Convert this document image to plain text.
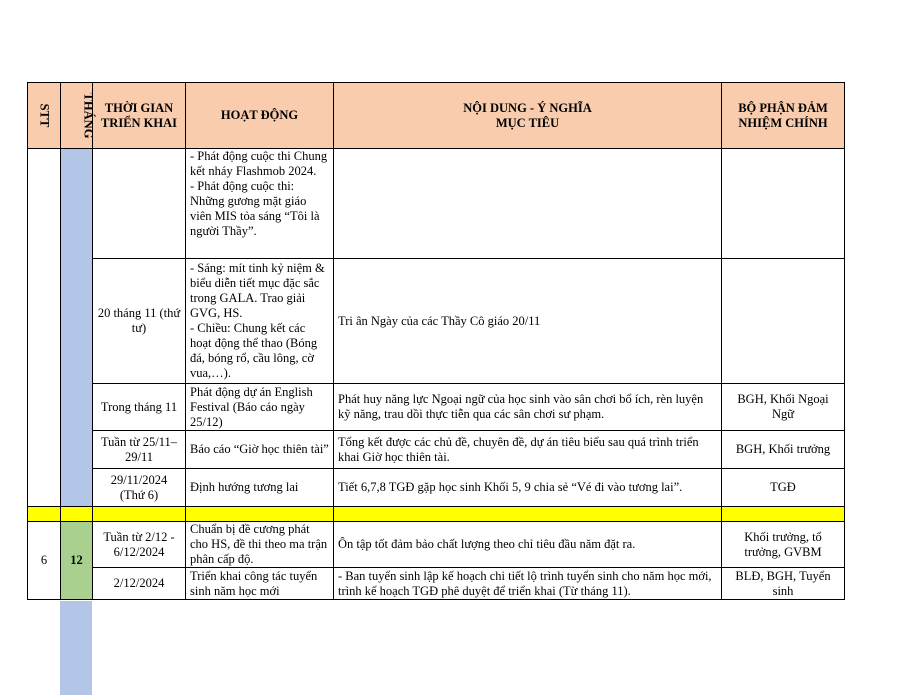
STT	THÁNG	THỜI GIAN TRIỂN KHAI	HOẠT ĐỘNG	NỘI DUNG - Ý NGHĨA
MỤC TIÊU	BỘ PHẬN ĐẢM NHIỆM CHÍNH
			- Phát động cuộc thi Chung kết nháy Flashmob 2024.
- Phát động cuộc thi: Những gương mặt giáo viên MIS tỏa sáng “Tôi là người Thầy”.		
		20 tháng 11 (thứ tư)	- Sáng: mít tinh kỷ niệm & biểu diễn tiết mục đặc sắc trong GALA. Trao giải GVG, HS.
- Chiều: Chung kết các hoạt động thể thao (Bóng đá, bóng rổ, cầu lông, cờ vua,…).	Tri ân Ngày của các Thầy Cô giáo 20/11	
		Trong tháng 11	Phát động dự án English Festival (Báo cáo ngày 25/12)	Phát huy năng lực Ngoại ngữ của học sinh vào sân chơi bổ ích, rèn luyện kỹ năng, trau dồi thực tiễn qua các sân chơi sư phạm.	BGH, Khối Ngoại Ngữ
		Tuần từ 25/11– 29/11	Báo cáo “Giờ học thiên tài”	Tổng kết được các chủ đề, chuyên đề, dự án tiêu biểu sau quá trình triển khai Giờ học thiên tài.	BGH, Khối trưởng
		29/11/2024 (Thứ 6)	Định hướng tương lai	Tiết 6,7,8 TGĐ gặp học sinh Khối 5, 9 chia sẻ “Vé đi vào tương lai”.	TGĐ

6	12	Tuần từ 2/12 - 6/12/2024	Chuẩn bị đề cương phát cho HS, đề thi theo ma trận phân cấp độ.	Ôn tập tốt đảm bảo chất lượng theo chỉ tiêu đầu năm đặt ra.	Khối trưởng, tổ trưởng, GVBM
		2/12/2024	Triển khai công tác tuyển sinh năm học mới	- Ban tuyển sinh lập kế hoạch chi tiết lộ trình tuyển sinh cho năm học mới, trình kế hoạch TGĐ phê duyệt để triển khai (Từ tháng 11).	BLĐ, BGH, Tuyển sinh
